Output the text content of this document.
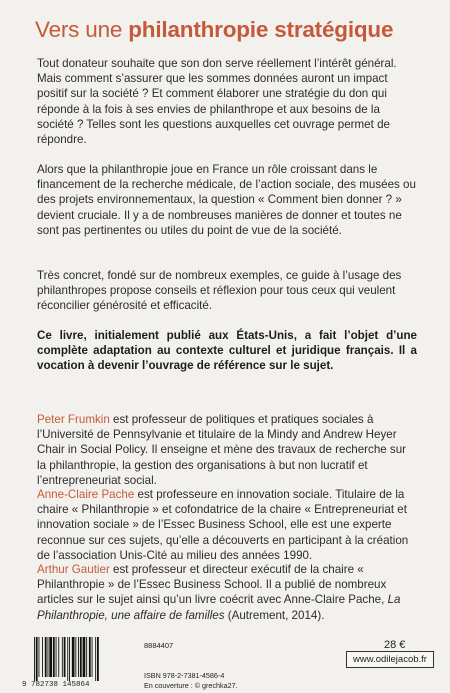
Vers une philanthropie stratégique

Tout donateur souhaite que son don serve réellement l’intérêt général. Mais comment s’assurer que les sommes données auront un impact positif sur la société ? Et comment élaborer une stratégie du don qui réponde à la fois à ses envies de philanthrope et aux besoins de la société ? Telles sont les questions auxquelles cet ouvrage permet de répondre.

Alors que la philanthropie joue en France un rôle croissant dans le financement de la recherche médicale, de l’action sociale, des musées ou des projets environnementaux, la question « Comment bien donner ? » devient cruciale. Il y a de nombreuses manières de donner et toutes ne sont pas pertinentes ou utiles du point de vue de la société.

Très concret, fondé sur de nombreux exemples, ce guide à l’usage des philanthropes propose conseils et réflexion pour tous ceux qui veulent réconcilier générosité et efficacité.

Ce livre, initialement publié aux États-Unis, a fait l’objet d’une complète adaptation au contexte culturel et juridique français. Il a vocation à devenir l’ouvrage de référence sur le sujet.

Peter Frumkin est professeur de politiques et pratiques sociales à l’Université de Pennsylvanie et titulaire de la Mindy and Andrew Heyer Chair in Social Policy. Il enseigne et mène des travaux de recherche sur la philanthropie, la gestion des organisations à but non lucratif et l’entrepreneuriat social.

Anne-Claire Pache est professeure en innovation sociale. Titulaire de la chaire « Philanthropie » et cofondatrice de la chaire « Entrepreneuriat et innovation sociale » de l’Essec Business School, elle est une experte reconnue sur ces sujets, qu’elle a découverts en participant à la création de l’association Unis-Cité au milieu des années 1990.

Arthur Gautier est professeur et directeur exécutif de la chaire « Philanthropie » de l’Essec Business School. Il a publié de nombreux articles sur le sujet ainsi qu’un livre coécrit avec Anne-Claire Pache, La Philanthropie, une affaire de familles (Autrement, 2014).

9 782738 145864
8884407
ISBN 978-2-7381-4586-4
En couverture : © grechka27.
28 €
www.odilejacob.fr
